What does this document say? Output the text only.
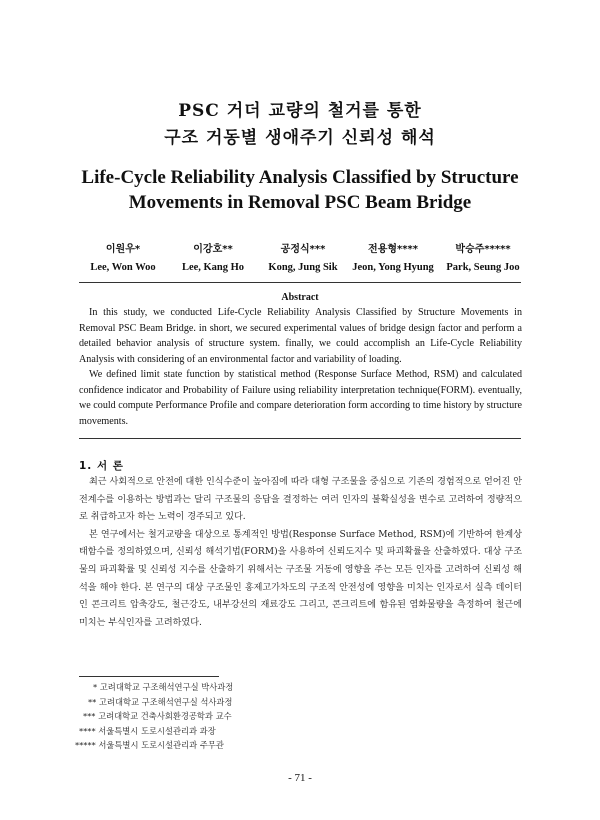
PSC 거더 교량의 철거를 통한
구조 거동별 생애주기 신뢰성 해석
Life-Cycle Reliability Analysis Classified by Structure
Movements in Removal PSC Beam Bridge
이원우*
Lee, Won Woo
이강호**
Lee, Kang Ho
공정식***
Kong, Jung Sik
전용형****
Jeon, Yong Hyung
박승주*****
Park, Seung Joo
Abstract

In this study, we conducted Life-Cycle Reliability Analysis Classified by Structure Movements in Removal PSC Beam Bridge. in short, we secured experimental values of bridge design factor and perform a detailed behavior analysis of structure system. finally, we could accomplish an Life-Cycle Reliability Analysis with considering of an environmental factor and variability of loading.

We defined limit state function by statistical method (Response Surface Method, RSM) and calculated confidence indicator and Probability of Failure using reliability interpretation technique(FORM). eventually, we could compute Performance Profile and compare deterioration form according to time history by structure movements.

1. 서 론

최근 사회적으로 안전에 대한 인식수준이 높아짐에 따라 대형 구조물을 중심으로 기존의 경험적으로 얻어진 안전계수를 이용하는 방법과는 달리 구조물의 응답을 결정하는 여러 인자의 불확실성을 변수로 고려하여 정량적으로 취급하고자 하는 노력이 경주되고 있다.

본 연구에서는 철거교량을 대상으로 통계적인 방법(Response Surface Method, RSM)에 기반하여 한계상태함수를 정의하였으며, 신뢰성 해석기법(FORM)을 사용하여 신뢰도지수 및 파괴확률을 산출하였다. 대상 구조물의 파괴확률 및 신뢰성 지수를 산출하기 위해서는 구조물 거동에 영향을 주는 모든 인자를 고려하여 신뢰성 해석을 해야 한다. 본 연구의 대상 구조물인 홍제고가차도의 구조적 안전성에 영향을 미치는 인자로서 실측 데이터인 콘크리트 압축강도, 철근강도, 내부강선의 재료강도 그리고, 콘크리트에 함유된 염화물량을 측정하여 철근에 미치는 부식인자를 고려하였다.

* 고려대학교 구조해석연구실 박사과정
** 고려대학교 구조해석연구실 석사과정
*** 고려대학교 건축사회환경공학과 교수
**** 서울특별시 도로시설관리과 과장
***** 서울특별시 도로시설관리과 주무관
- 71 -
